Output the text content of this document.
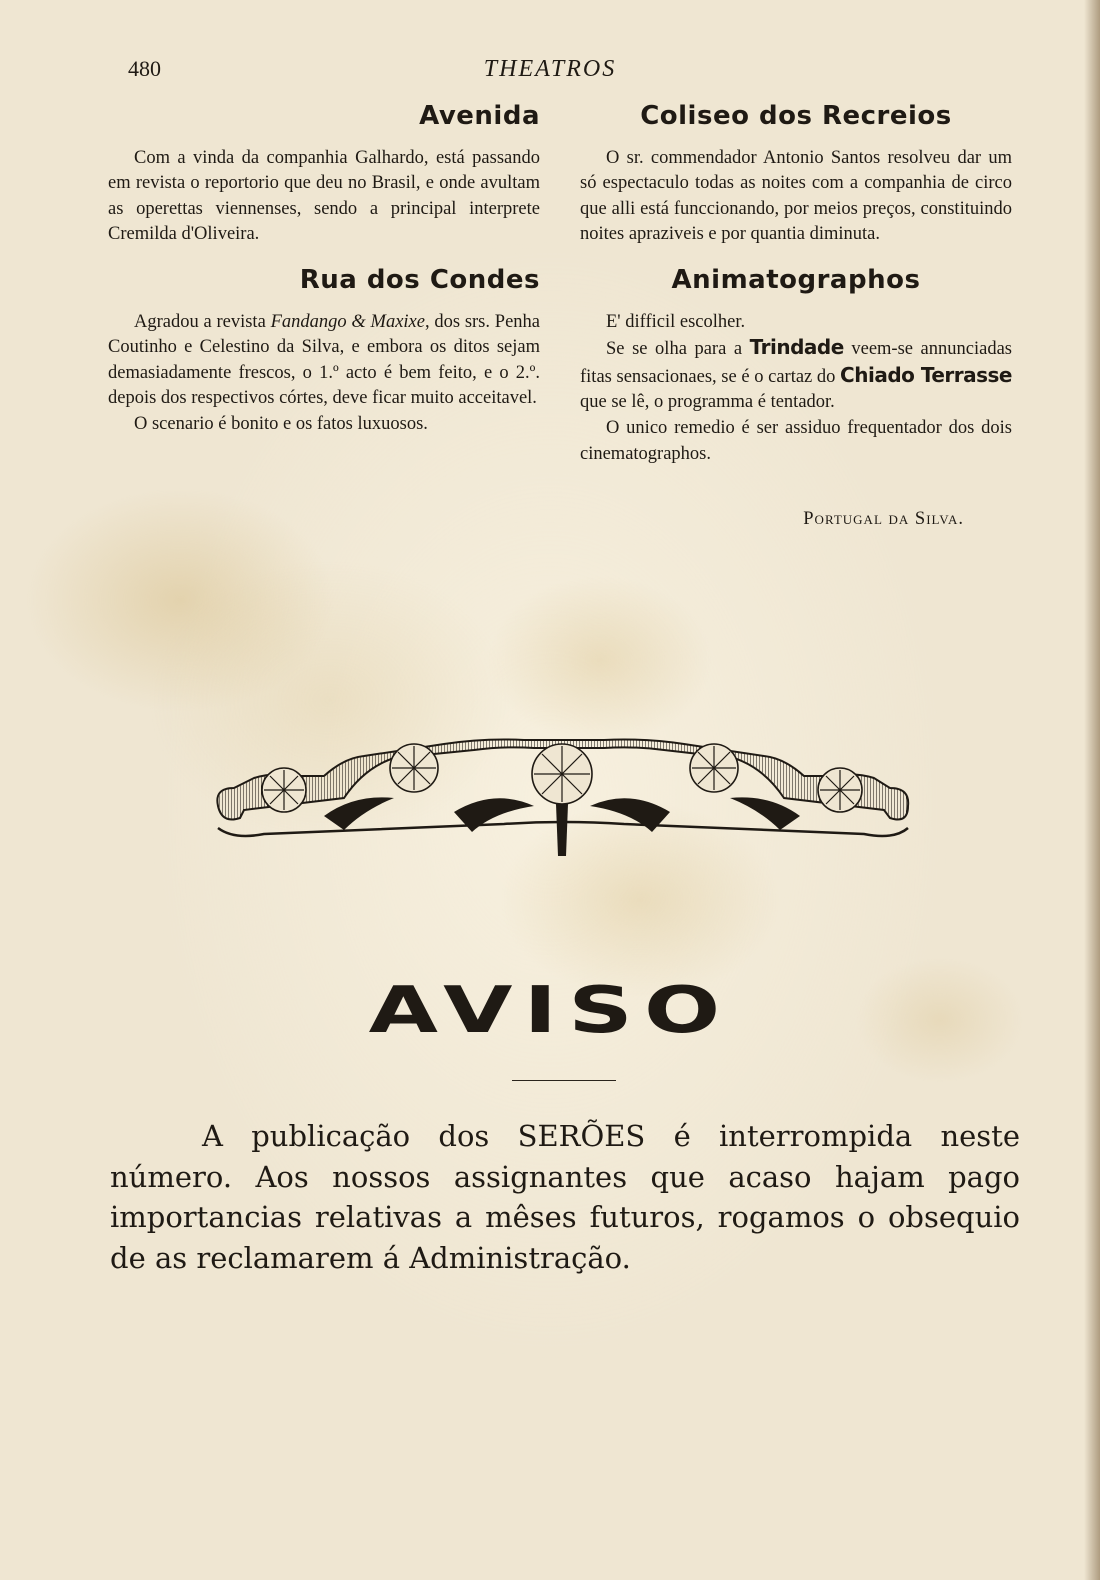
480	THEATROS
Avenida

Com a vinda da companhia Galhardo, está passando em revista o reportorio que deu no Brasil, e onde avultam as operettas viennenses, sendo a principal interprete Cremilda d'Oliveira.

Rua dos Condes

Agradou a revista Fandango & Maxixe, dos srs. Penha Coutinho e Celestino da Silva, e embora os ditos sejam demasiadamente frescos, o 1.º acto é bem feito, e o 2.º. depois dos respectivos córtes, deve ficar muito acceitavel.

O scenario é bonito e os fatos luxuosos.

Coliseo dos Recreios

O sr. commendador Antonio Santos resolveu dar um só espectaculo todas as noites com a companhia de circo que alli está funccionando, por meios preços, constituindo noites apraziveis e por quantia diminuta.

Animatographos

E' difficil escolher.

Se se olha para a Trindade veem-se annunciadas fitas sensacionaes, se é o cartaz do Chiado Terrasse que se lê, o programma é tentador.

O unico remedio é ser assiduo frequentador dos dois cinematographos.

Portugal da Silva.
AVISO

A publicação dos SERÕES é interrompida neste número. Aos nossos assignantes que acaso hajam pago importancias relativas a mêses futuros, rogamos o obsequio de as reclamarem á Administração.
